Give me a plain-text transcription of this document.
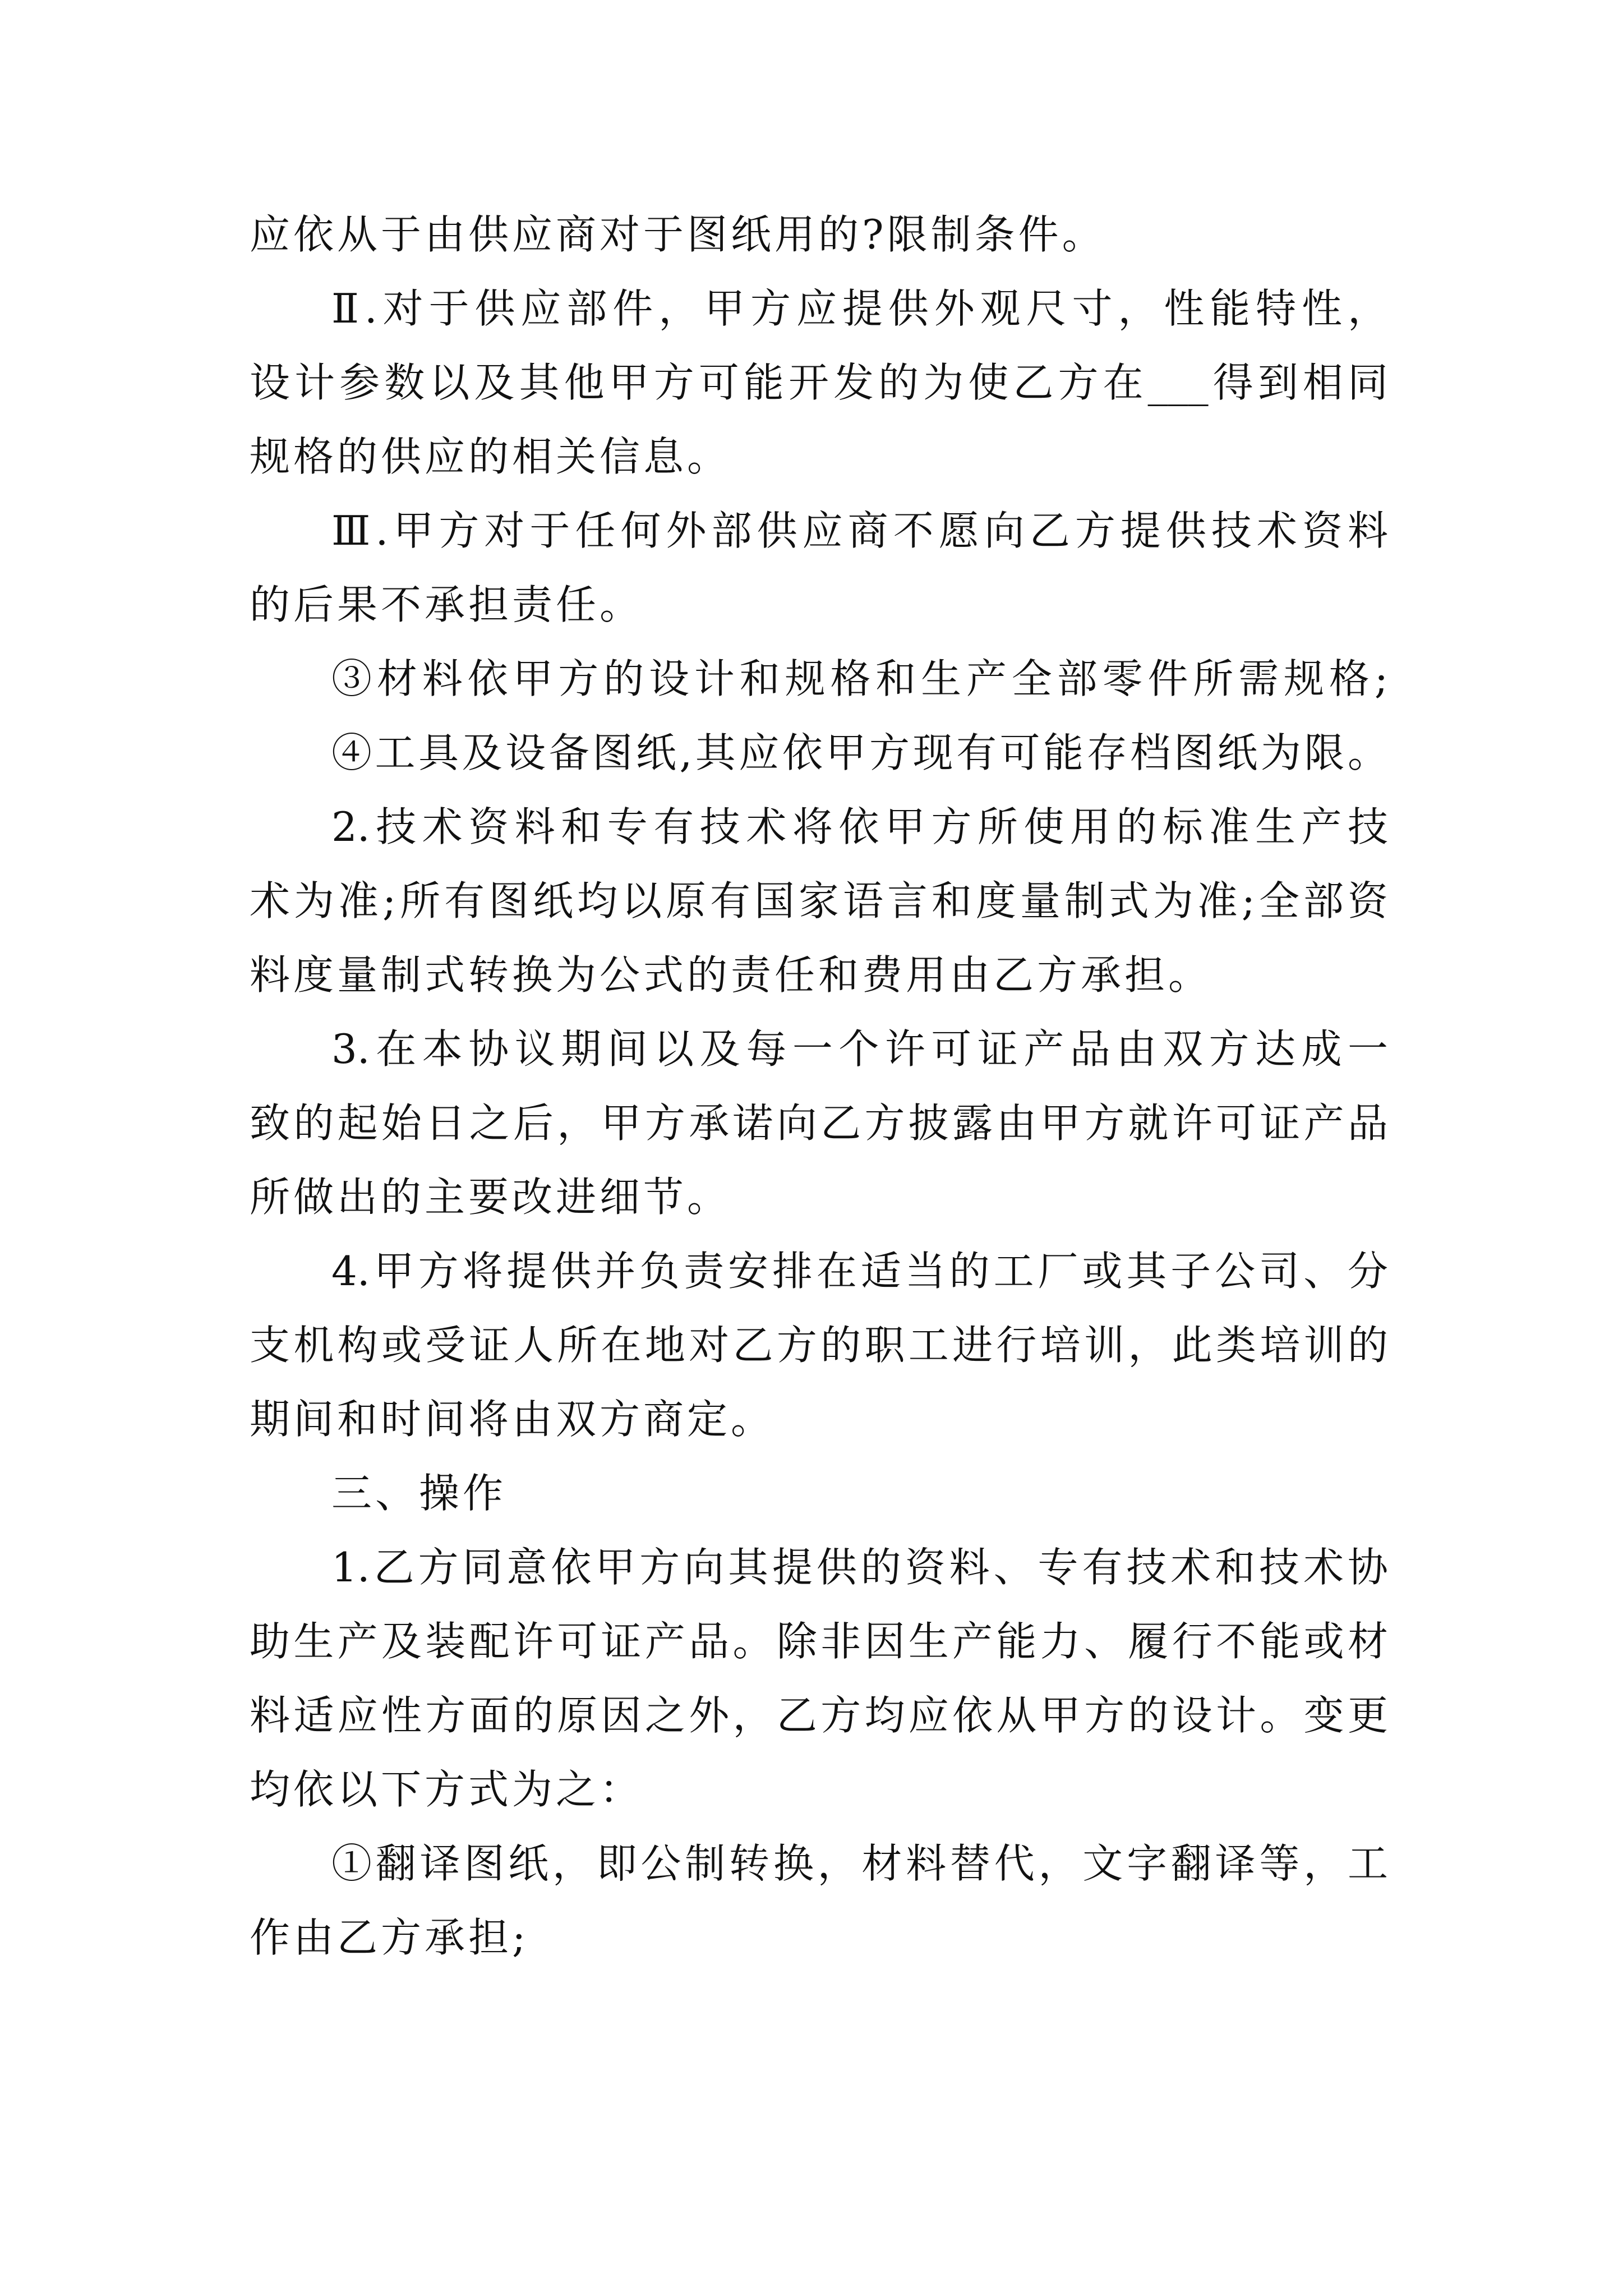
应依从于由供应商对于图纸用的?限制条件。
Ⅱ.对于供应部件，甲方应提供外观尺寸，性能特性，
设计参数以及其他甲方可能开发的为使乙方在___得到相同
规格的供应的相关信息。
Ⅲ.甲方对于任何外部供应商不愿向乙方提供技术资料
的后果不承担责任。
③材料依甲方的设计和规格和生产全部零件所需规格;
④工具及设备图纸,其应依甲方现有可能存档图纸为限。
2.技术资料和专有技术将依甲方所使用的标准生产技
术为准;所有图纸均以原有国家语言和度量制式为准;全部资
料度量制式转换为公式的责任和费用由乙方承担。
3.在本协议期间以及每一个许可证产品由双方达成一
致的起始日之后，甲方承诺向乙方披露由甲方就许可证产品
所做出的主要改进细节。
4.甲方将提供并负责安排在适当的工厂或其子公司、分
支机构或受证人所在地对乙方的职工进行培训，此类培训的
期间和时间将由双方商定。
三、操作
1.乙方同意依甲方向其提供的资料、专有技术和技术协
助生产及装配许可证产品。除非因生产能力、履行不能或材
料适应性方面的原因之外，乙方均应依从甲方的设计。变更
均依以下方式为之：
①翻译图纸，即公制转换，材料替代，文字翻译等，工
作由乙方承担;
